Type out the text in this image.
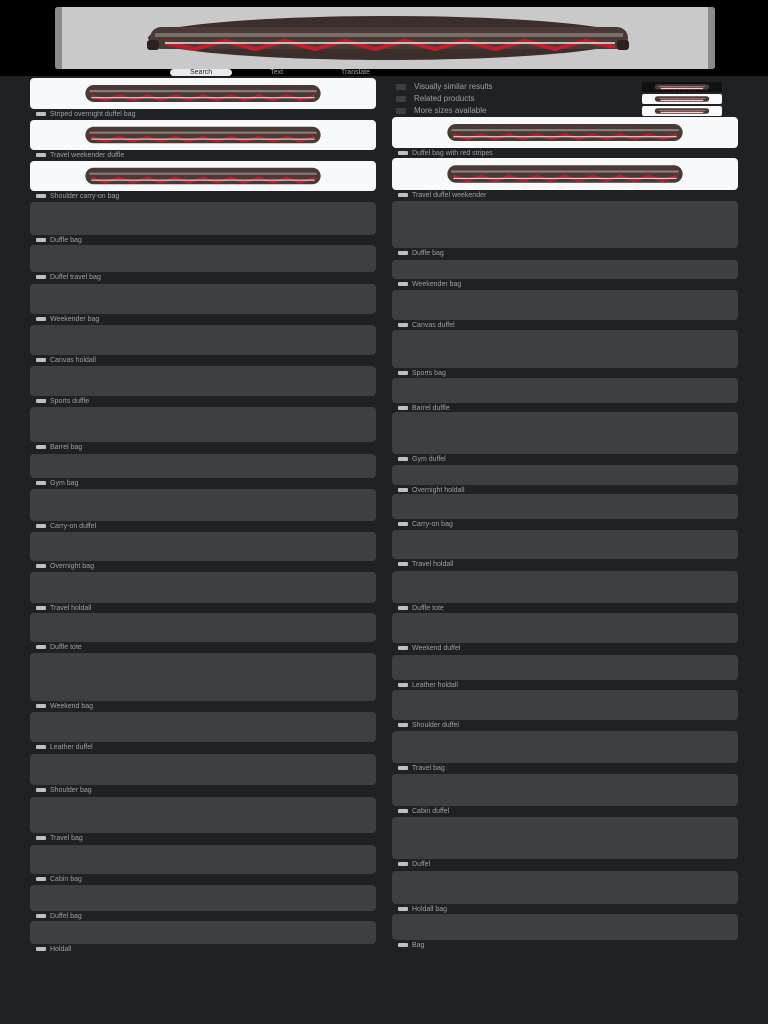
Search	Text	Translate
Visually similar results
Related products
More sizes available
Striped overnight duffel bag
Travel weekender duffle
Shoulder carry-on bag
Duffle bag
Duffel travel bag
Weekender bag
Canvas holdall
Sports duffle
Barrel bag
Gym bag
Carry-on duffel
Overnight bag
Travel holdall
Duffle tote
Weekend bag
Leather duffel
Shoulder bag
Travel bag
Cabin bag
Duffel bag
Holdall
Duffel bag with red stripes
Travel duffel weekender
Duffle bag
Weekender bag
Canvas duffel
Sports bag
Barrel duffle
Gym duffel
Overnight holdall
Carry-on bag
Travel holdall
Duffle tote
Weekend duffel
Leather holdall
Shoulder duffel
Travel bag
Cabin duffel
Duffel
Holdall bag
Bag
